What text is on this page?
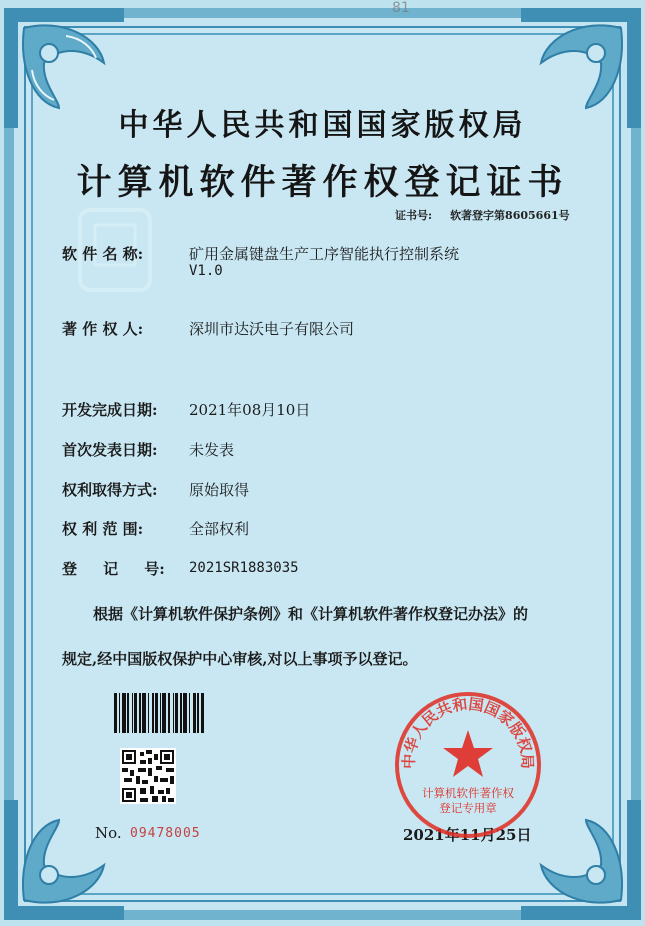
81
中华人民共和国国家版权局
计算机软件著作权登记证书
证书号: 软著登字第8605661号
软 件 名 称:	矿用金属键盘生产工序智能执行控制系统
V1.0
著 作 权 人:	深圳市达沃电子有限公司
开发完成日期: 2021年08月10日
首次发表日期: 未发表
权利取得方式: 原始取得
权 利 范 围:	全部权利
登     记     号: 2021SR1883035
根据《计算机软件保护条例》和《计算机软件著作权登记办法》的
规定,经中国版权保护中心审核,对以上事项予以登记。
No. 09478005	2021年11月25日
中华人民共和国国家版权局
计算机软件著作权
登记专用章
